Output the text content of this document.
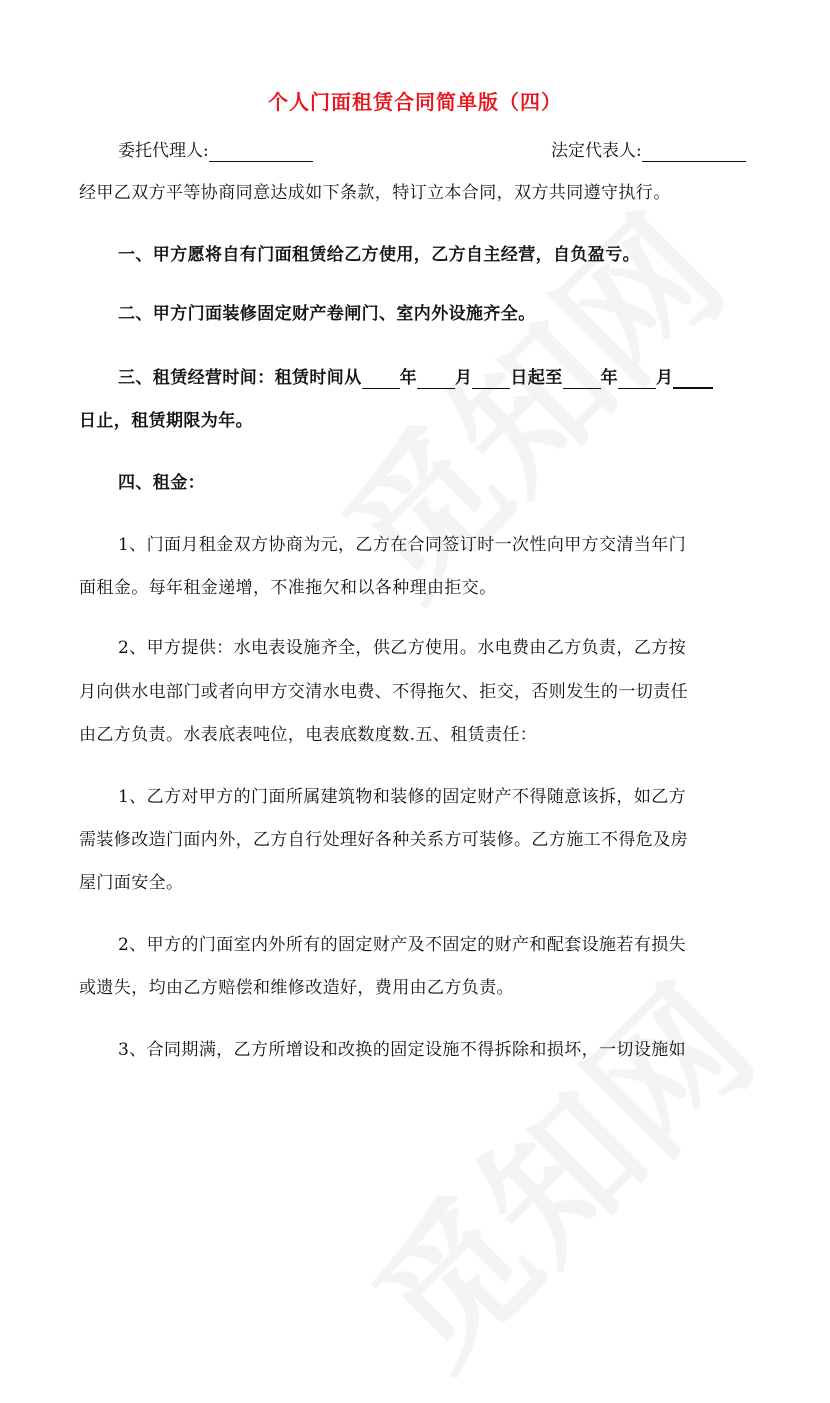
个人门面租赁合同简单版（四）
委托代理人:	法定代表人:
经甲乙双方平等协商同意达成如下条款，特订立本合同，双方共同遵守执行。
一、甲方愿将自有门面租赁给乙方使用，乙方自主经营，自负盈亏。
二、甲方门面装修固定财产卷闸门、室内外设施齐全。
三、租赁经营时间：租赁时间从 年 月 日起至 年 月
日止，租赁期限为年。
四、租金：
1、门面月租金双方协商为元，乙方在合同签订时一次性向甲方交清当年门
面租金。每年租金递增，不准拖欠和以各种理由拒交。
2、甲方提供：水电表设施齐全，供乙方使用。水电费由乙方负责，乙方按
月向供水电部门或者向甲方交清水电费、不得拖欠、拒交，否则发生的一切责任
由乙方负责。水表底表吨位，电表底数度数.五、租赁责任：
1、乙方对甲方的门面所属建筑物和装修的固定财产不得随意该拆，如乙方
需装修改造门面内外，乙方自行处理好各种关系方可装修。乙方施工不得危及房
屋门面安全。
2、甲方的门面室内外所有的固定财产及不固定的财产和配套设施若有损失
或遗失，均由乙方赔偿和维修改造好，费用由乙方负责。
3、合同期满，乙方所增设和改换的固定设施不得拆除和损坏，一切设施如
